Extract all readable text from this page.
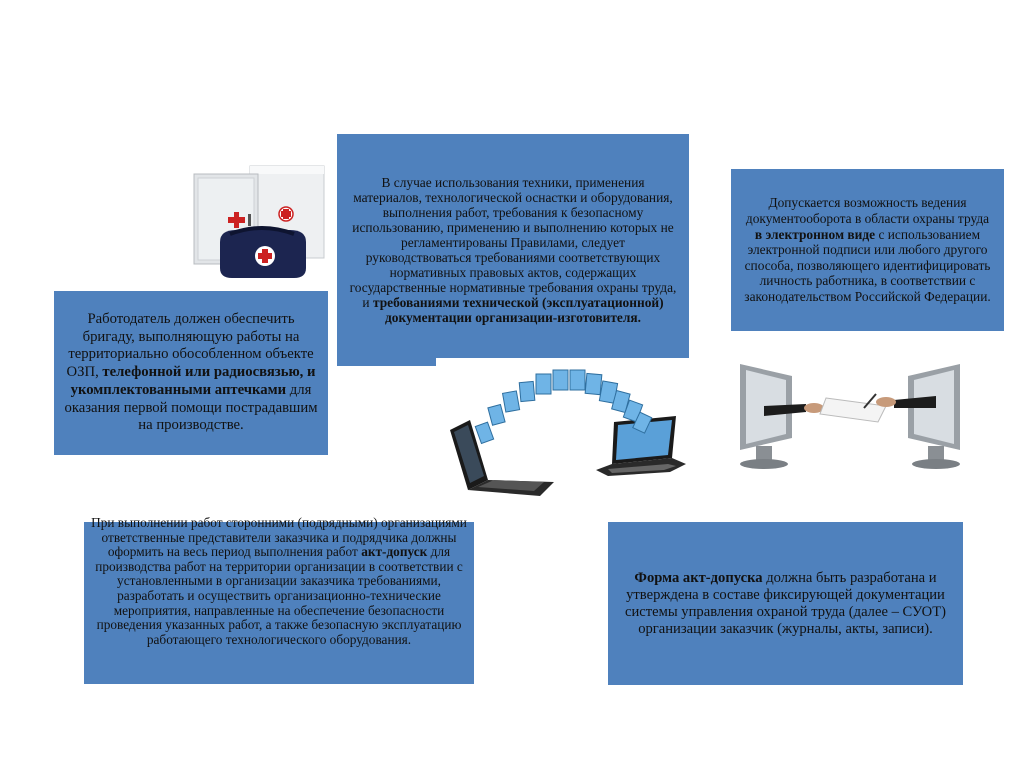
В случае использования техники, применения материалов, технологической оснастки и оборудования, выполнения работ, требования к безопасному использованию, применению и выполнению которых не регламентированы Правилами, следует руководствоваться требованиями соответствующих нормативных правовых актов, содержащих государственные нормативные требования охраны труда, и требованиями технической (эксплуатационной) документации организации-изготовителя.

Допускается возможность ведения документооборота в области охраны труда в электронном виде с использованием электронной подписи или любого другого способа, позволяющего идентифицировать личность работника, в соответствии с законодательством Российской Федерации.

Работодатель должен обеспечить бригаду, выполняющую работы на территориально обособленном объекте ОЗП, телефонной или радиосвязью, и укомплектованными аптечками для оказания первой помощи пострадавшим на производстве.

При выполнении работ сторонними (подрядными) организациями ответственные представители заказчика и подрядчика должны оформить на весь период выполнения работ акт-допуск для производства работ на территории организации в соответствии с установленными в организации заказчика требованиями, разработать и осуществить организационно-технические мероприятия, направленные на обеспечение безопасности проведения указанных работ, а также безопасную эксплуатацию работающего технологического оборудования.

Форма акт-допуска должна быть разработана и утверждена в составе фиксирующей документации системы управления охраной труда (далее – СУОТ) организации заказчик (журналы, акты, записи).
